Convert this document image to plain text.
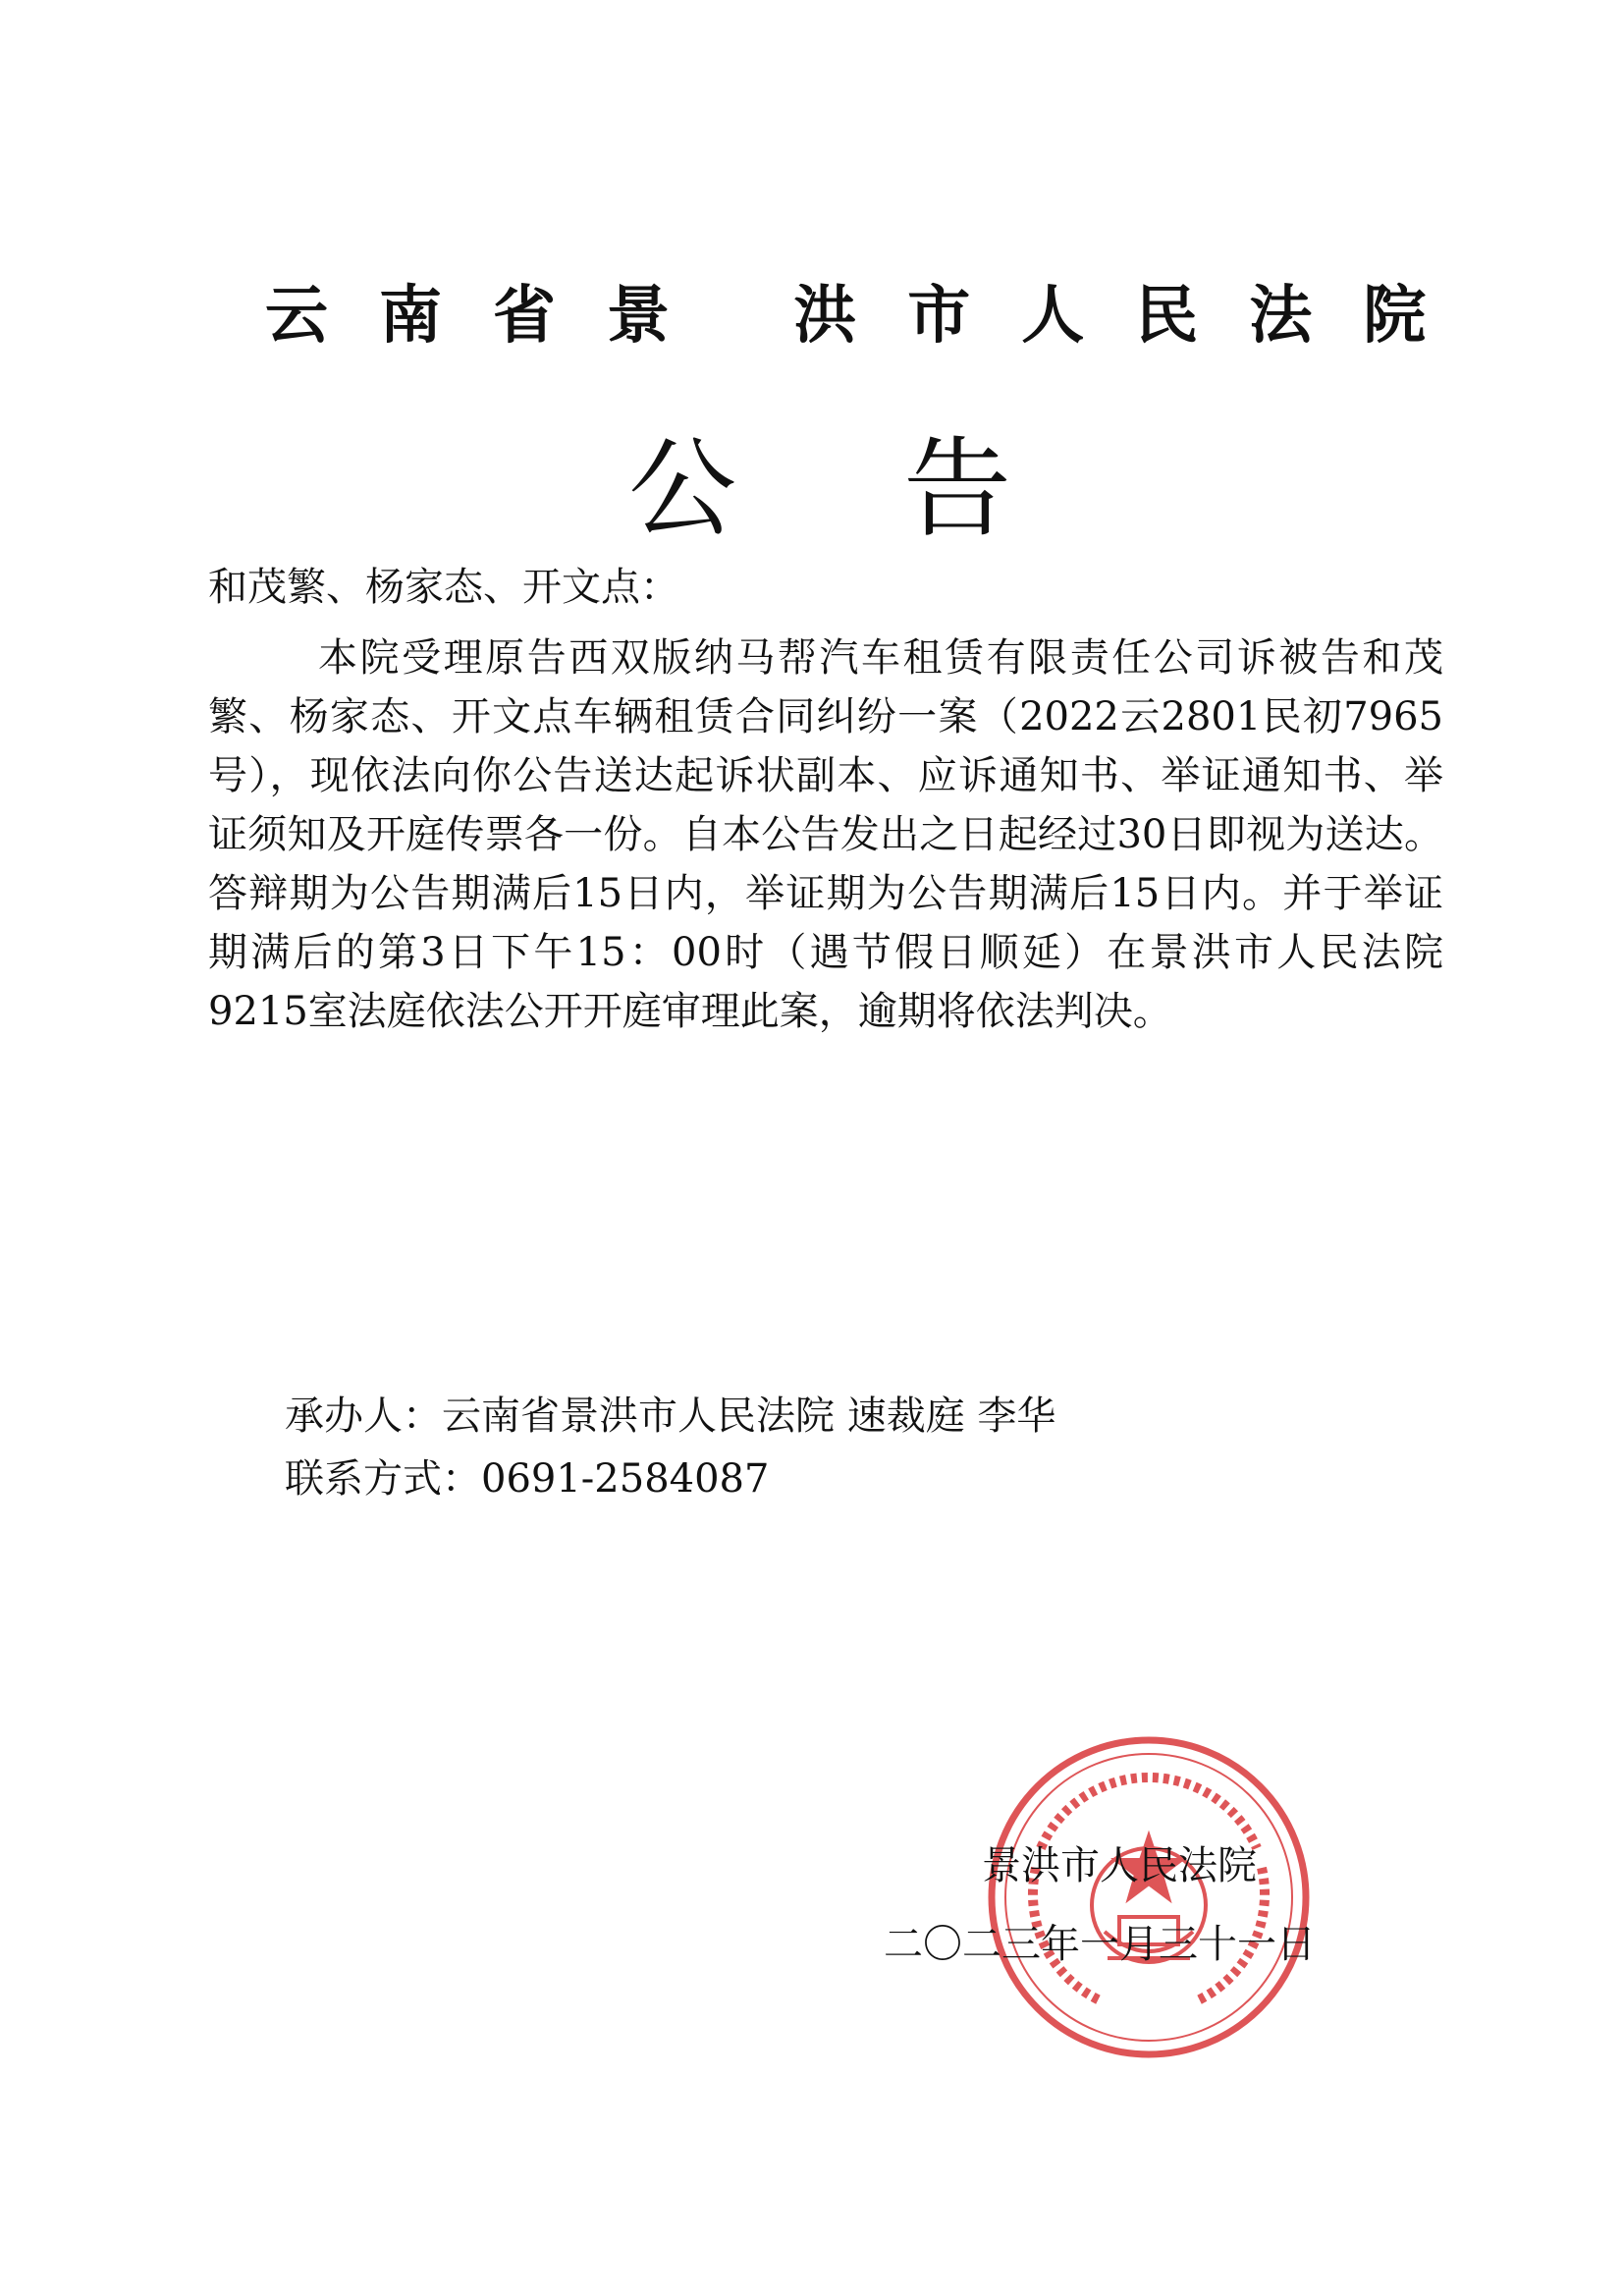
云南省景 洪市人民法院
公告
和茂繁、杨家态、开文点：
本院受理原告西双版纳马帮汽车租赁有限责任公司诉被告和茂繁、杨家态、开文点车辆租赁合同纠纷一案（2022云2801民初7965号），现依法向你公告送达起诉状副本、应诉通知书、举证通知书、举证须知及开庭传票各一份。自本公告发出之日起经过30日即视为送达。答辩期为公告期满后15日内，举证期为公告期满后15日内。并于举证期满后的第3日下午15：00时（遇节假日顺延）在景洪市人民法院9215室法庭依法公开开庭审理此案，逾期将依法判决。
承办人：云南省景洪市人民法院 速裁庭 李华
联系方式：0691-2584087
景洪市人民法院
二〇二三年一月三十一日
